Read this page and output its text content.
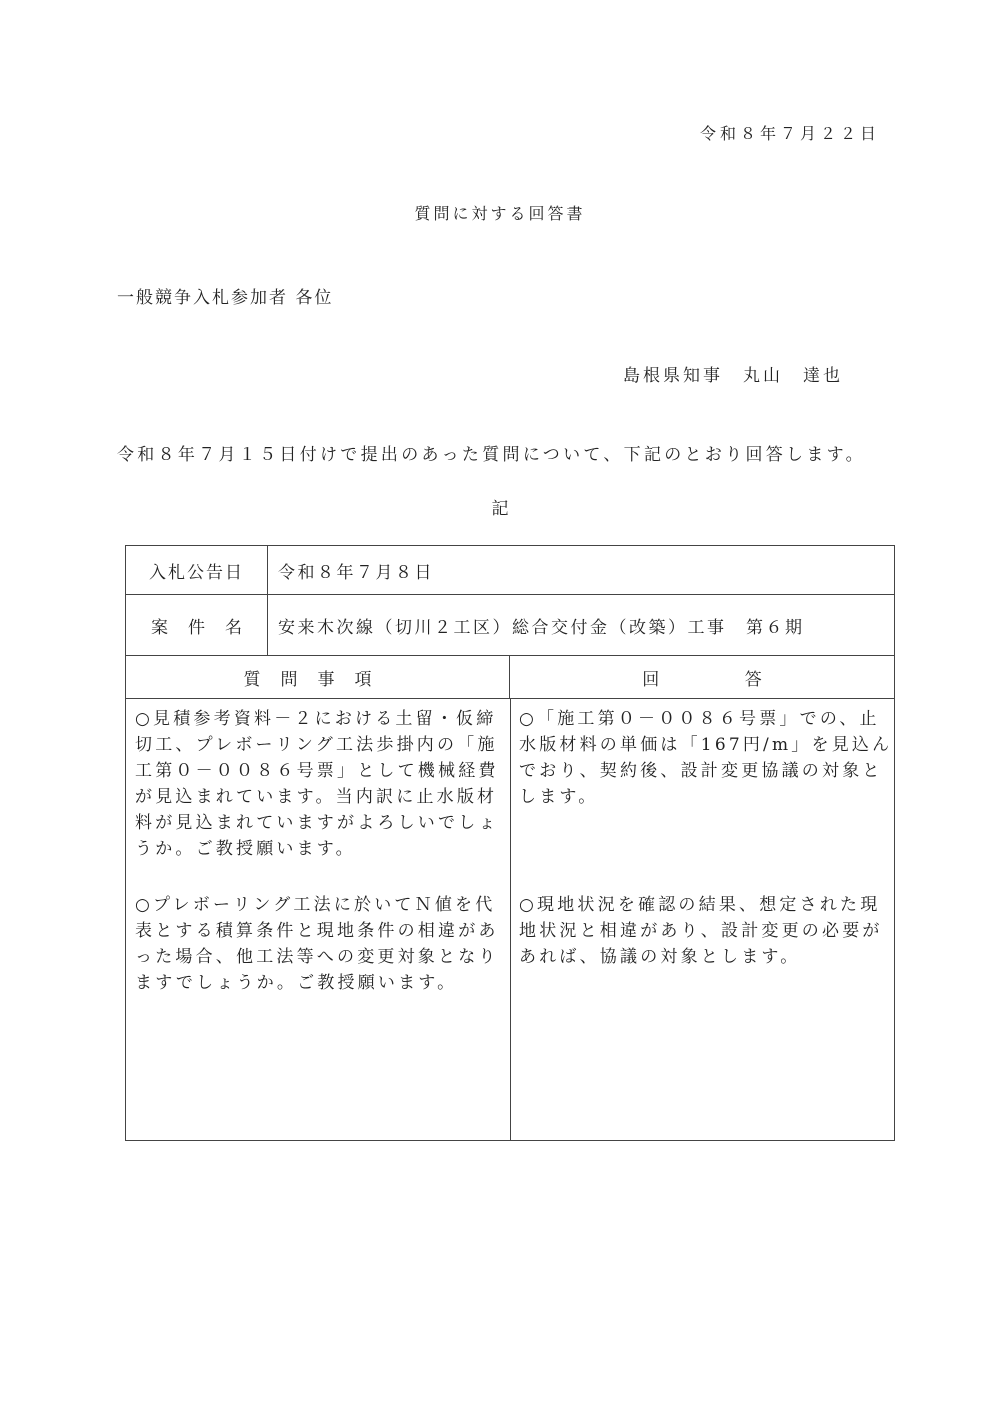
令和８年７月２２日
質問に対する回答書
一般競争入札参加者 各位
島根県知事 丸山　達也
令和８年７月１５日付けで提出のあった質問について、下記のとおり回答します。
記
入札公告日	令和８年７月８日
案件名 安来木次線（切川２工区）総合交付金（改築）工事　第６期
質問事項	回 答
○見積参考資料－２における土留・仮締
切工、プレボーリング工法歩掛内の「施
工第０－００８６号票」として機械経費
が見込まれています。当内訳に止水版材
料が見込まれていますがよろしいでしょ
うか。ご教授願います。
○「施工第０－００８６号票」での、止
水版材料の単価は「167円/m」を見込ん
でおり、契約後、設計変更協議の対象と
します。
○プレボーリング工法に於いてＮ値を代
表とする積算条件と現地条件の相違があ
った場合、他工法等への変更対象となり
ますでしょうか。ご教授願います。
○現地状況を確認の結果、想定された現
地状況と相違があり、設計変更の必要が
あれば、協議の対象とします。
